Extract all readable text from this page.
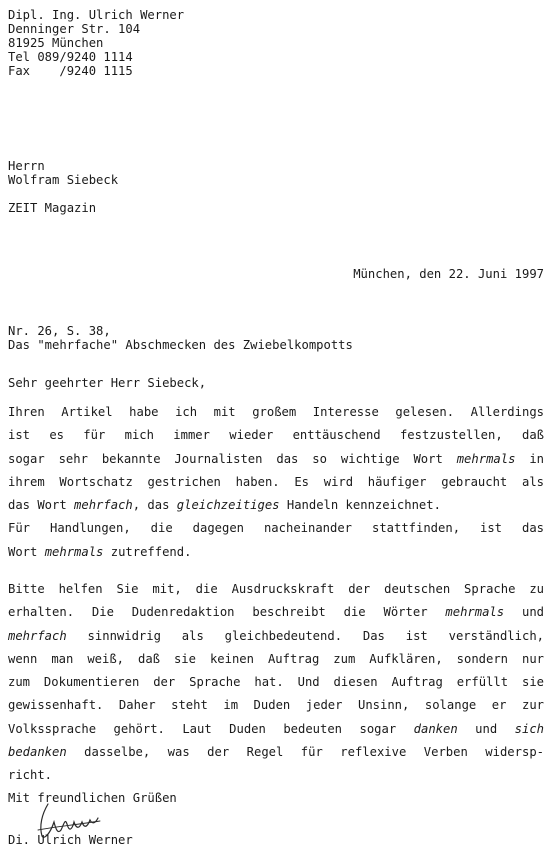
Dipl. Ing. Ulrich Werner
Denninger Str. 104
81925 München
Tel 089/9240 1114
Fax    /9240 1115
Herrn
Wolfram Siebeck
ZEIT Magazin
München, den 22. Juni 1997
Nr. 26, S. 38,
Das "mehrfache" Abschmecken des Zwiebelkompotts
Sehr geehrter Herr Siebeck,
Ihren Artikel habe ich mit großem Interesse gelesen. Allerdings
ist es für mich immer wieder enttäuschend festzustellen, daß
sogar sehr bekannte Journalisten das so wichtige Wort mehrmals in
ihrem Wortschatz gestrichen haben. Es wird häufiger gebraucht als
das Wort mehrfach, das gleichzeitiges Handeln kennzeichnet.
Für Handlungen, die dagegen nacheinander stattfinden, ist das
Wort mehrmals zutreffend.
Bitte helfen Sie mit, die Ausdruckskraft der deutschen Sprache zu
erhalten. Die Dudenredaktion beschreibt die Wörter mehrmals und
mehrfach sinnwidrig als gleichbedeutend. Das ist verständlich,
wenn man weiß, daß sie keinen Auftrag zum Aufklären, sondern nur
zum Dokumentieren der Sprache hat. Und diesen Auftrag erfüllt sie
gewissenhaft. Daher steht im Duden jeder Unsinn, solange er zur
Volkssprache gehört. Laut Duden bedeuten sogar danken und sich
bedanken dasselbe, was der Regel für reflexive Verben widersp-
richt.
Mit freundlichen Grüßen
Di. Ulrich Werner
